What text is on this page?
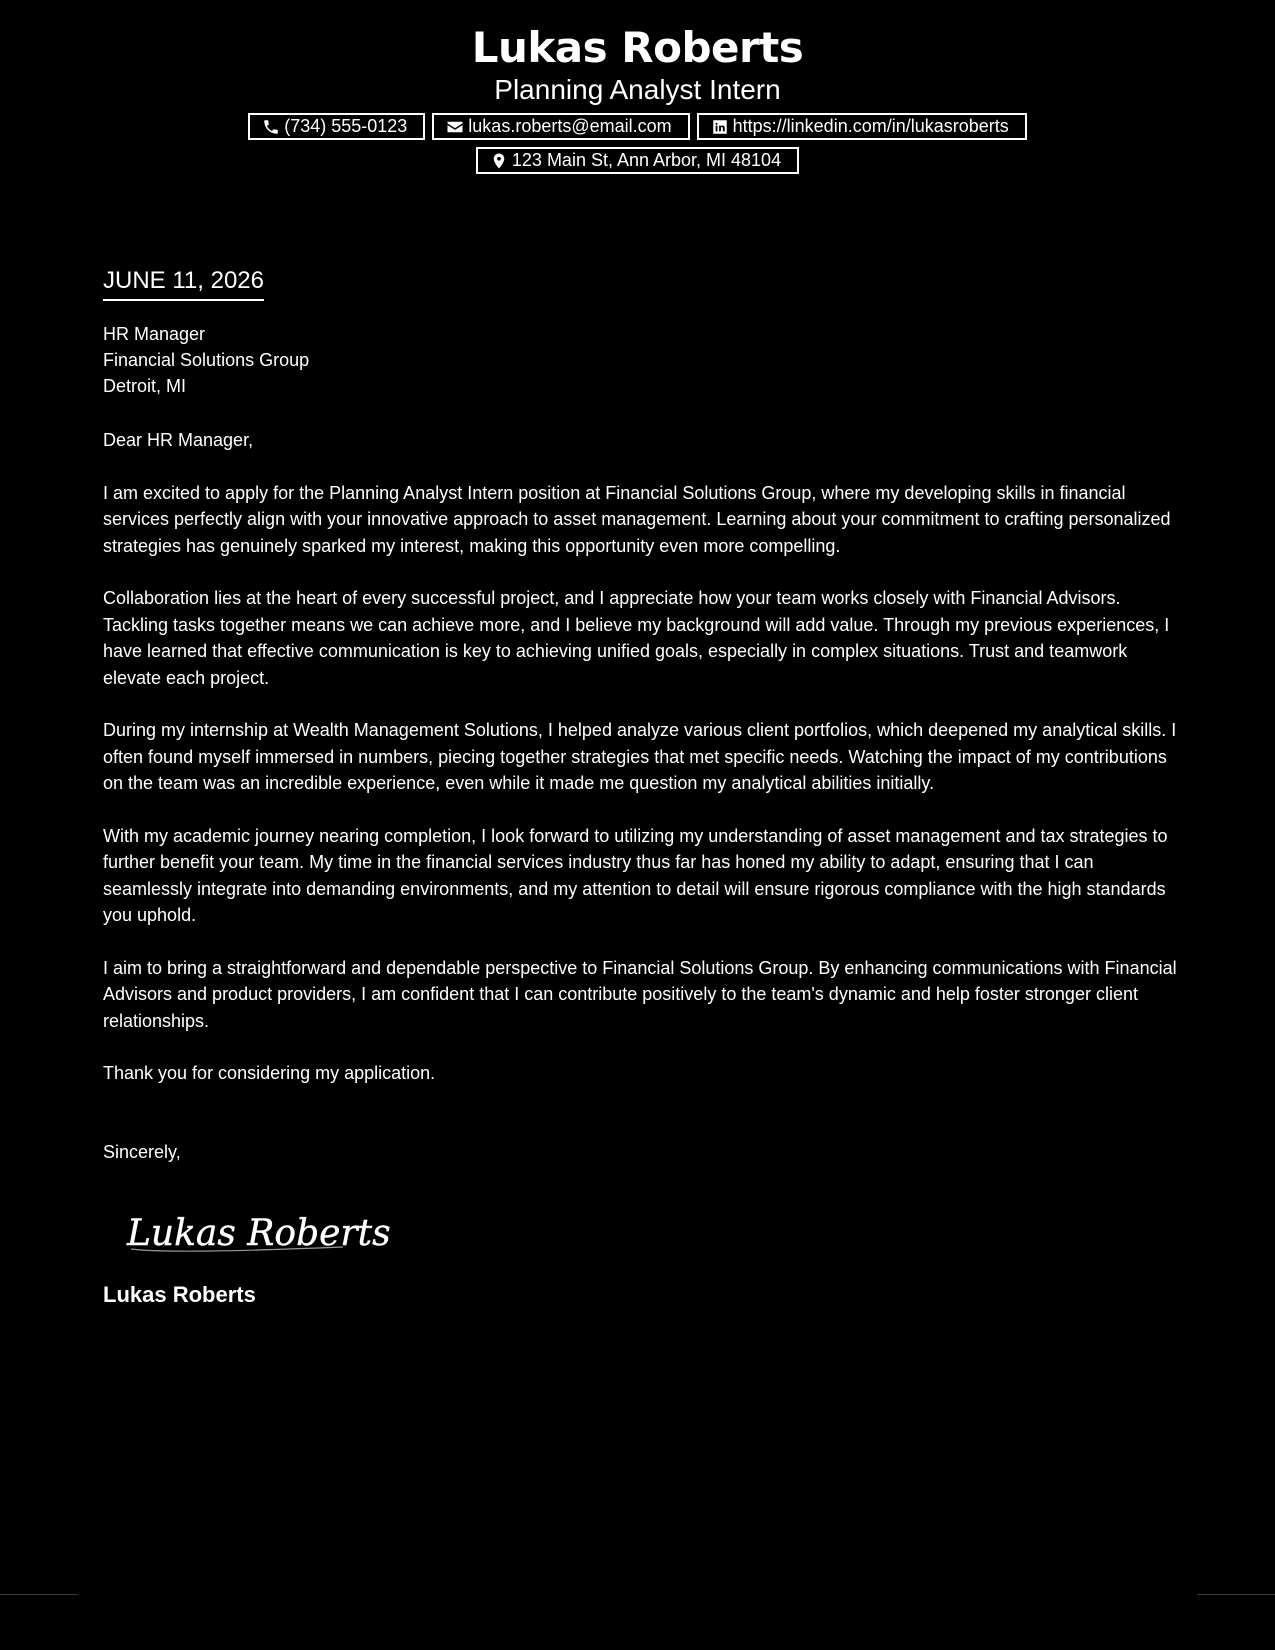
Lukas Roberts
Planning Analyst Intern
(734) 555-0123	lukas.roberts@email.com	https://linkedin.com/in/lukasroberts
123 Main St, Ann Arbor, MI 48104
JUNE 11, 2026
HR Manager
Financial Solutions Group
Detroit, MI
Dear HR Manager,
I am excited to apply for the Planning Analyst Intern position at Financial Solutions Group, where my developing skills in financial services perfectly align with your innovative approach to asset management. Learning about your commitment to crafting personalized strategies has genuinely sparked my interest, making this opportunity even more compelling.
Collaboration lies at the heart of every successful project, and I appreciate how your team works closely with Financial Advisors. Tackling tasks together means we can achieve more, and I believe my background will add value. Through my previous experiences, I have learned that effective communication is key to achieving unified goals, especially in complex situations. Trust and teamwork elevate each project.
During my internship at Wealth Management Solutions, I helped analyze various client portfolios, which deepened my analytical skills. I often found myself immersed in numbers, piecing together strategies that met specific needs. Watching the impact of my contributions on the team was an incredible experience, even while it made me question my analytical abilities initially.
With my academic journey nearing completion, I look forward to utilizing my understanding of asset management and tax strategies to further benefit your team. My time in the financial services industry thus far has honed my ability to adapt, ensuring that I can seamlessly integrate into demanding environments, and my attention to detail will ensure rigorous compliance with the high standards you uphold.
I aim to bring a straightforward and dependable perspective to Financial Solutions Group. By enhancing communications with Financial Advisors and product providers, I am confident that I can contribute positively to the team's dynamic and help foster stronger client relationships.
Thank you for considering my application.
Sincerely,
Lukas Roberts
Lukas Roberts
